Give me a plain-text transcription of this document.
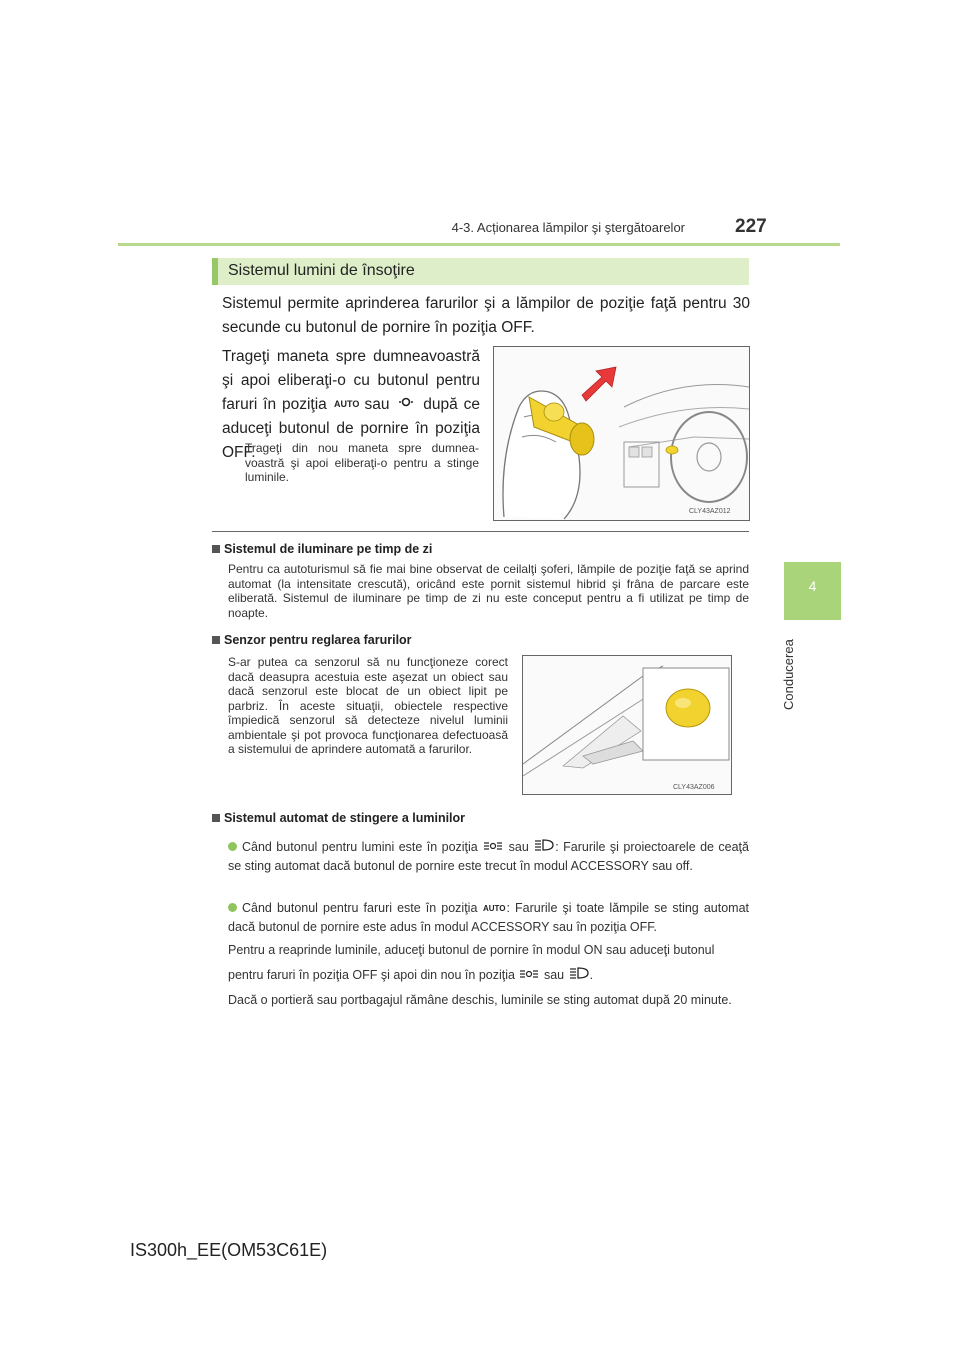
4-3. Acționarea lămpilor şi ştergătoarelor	227
4
Conducerea
Sistemul lumini de însoţire
Sistemul permite aprinderea farurilor şi a lămpilor de poziţie faţă pentru 30 secunde cu butonul de pornire în poziţia OFF.
Trageţi maneta spre dumneavoastră şi apoi eliberaţi-o cu butonul pentru faruri în poziţia AUTO sau după ce aduceţi butonul de pornire în poziţia OFF.
Trageţi din nou maneta spre dumnea-voastră şi apoi eliberaţi-o pentru a stinge luminile.
CLY43AZ012
Sistemul de iluminare pe timp de zi
Pentru ca autoturismul să fie mai bine observat de ceilalţi şoferi, lămpile de poziţie faţă se aprind automat (la intensitate crescută), oricând este pornit sistemul hibrid şi frâna de parcare este eliberată. Sistemul de iluminare pe timp de zi nu este conceput pentru a fi utilizat pe timp de noapte.
Senzor pentru reglarea farurilor
S-ar putea ca senzorul să nu funcţioneze corect dacă deasupra acestuia este aşezat un obiect sau dacă senzorul este blocat de un obiect lipit pe parbriz. În aceste situaţii, obiectele respective împiedică senzorul să detecteze nivelul luminii ambientale şi pot provoca funcţionarea defectuoasă a sistemului de aprindere automată a farurilor.
CLY43AZ006
Sistemul automat de stingere a luminilor
Când butonul pentru lumini este în poziţia sau : Farurile şi proiectoarele de ceaţă se sting automat dacă butonul de pornire este trecut în modul ACCESSORY sau off.
Când butonul pentru faruri este în poziţia AUTO : Farurile şi toate lămpile se sting automat dacă butonul de pornire este adus în modul ACCESSORY sau în poziţia OFF.
Pentru a reaprinde luminile, aduceţi butonul de pornire în modul ON sau aduceţi butonul
pentru faruri în poziţia OFF şi apoi din nou în poziţia sau .
Dacă o portieră sau portbagajul rămâne deschis, luminile se sting automat după 20 minute.
IS300h_EE(OM53C61E)
